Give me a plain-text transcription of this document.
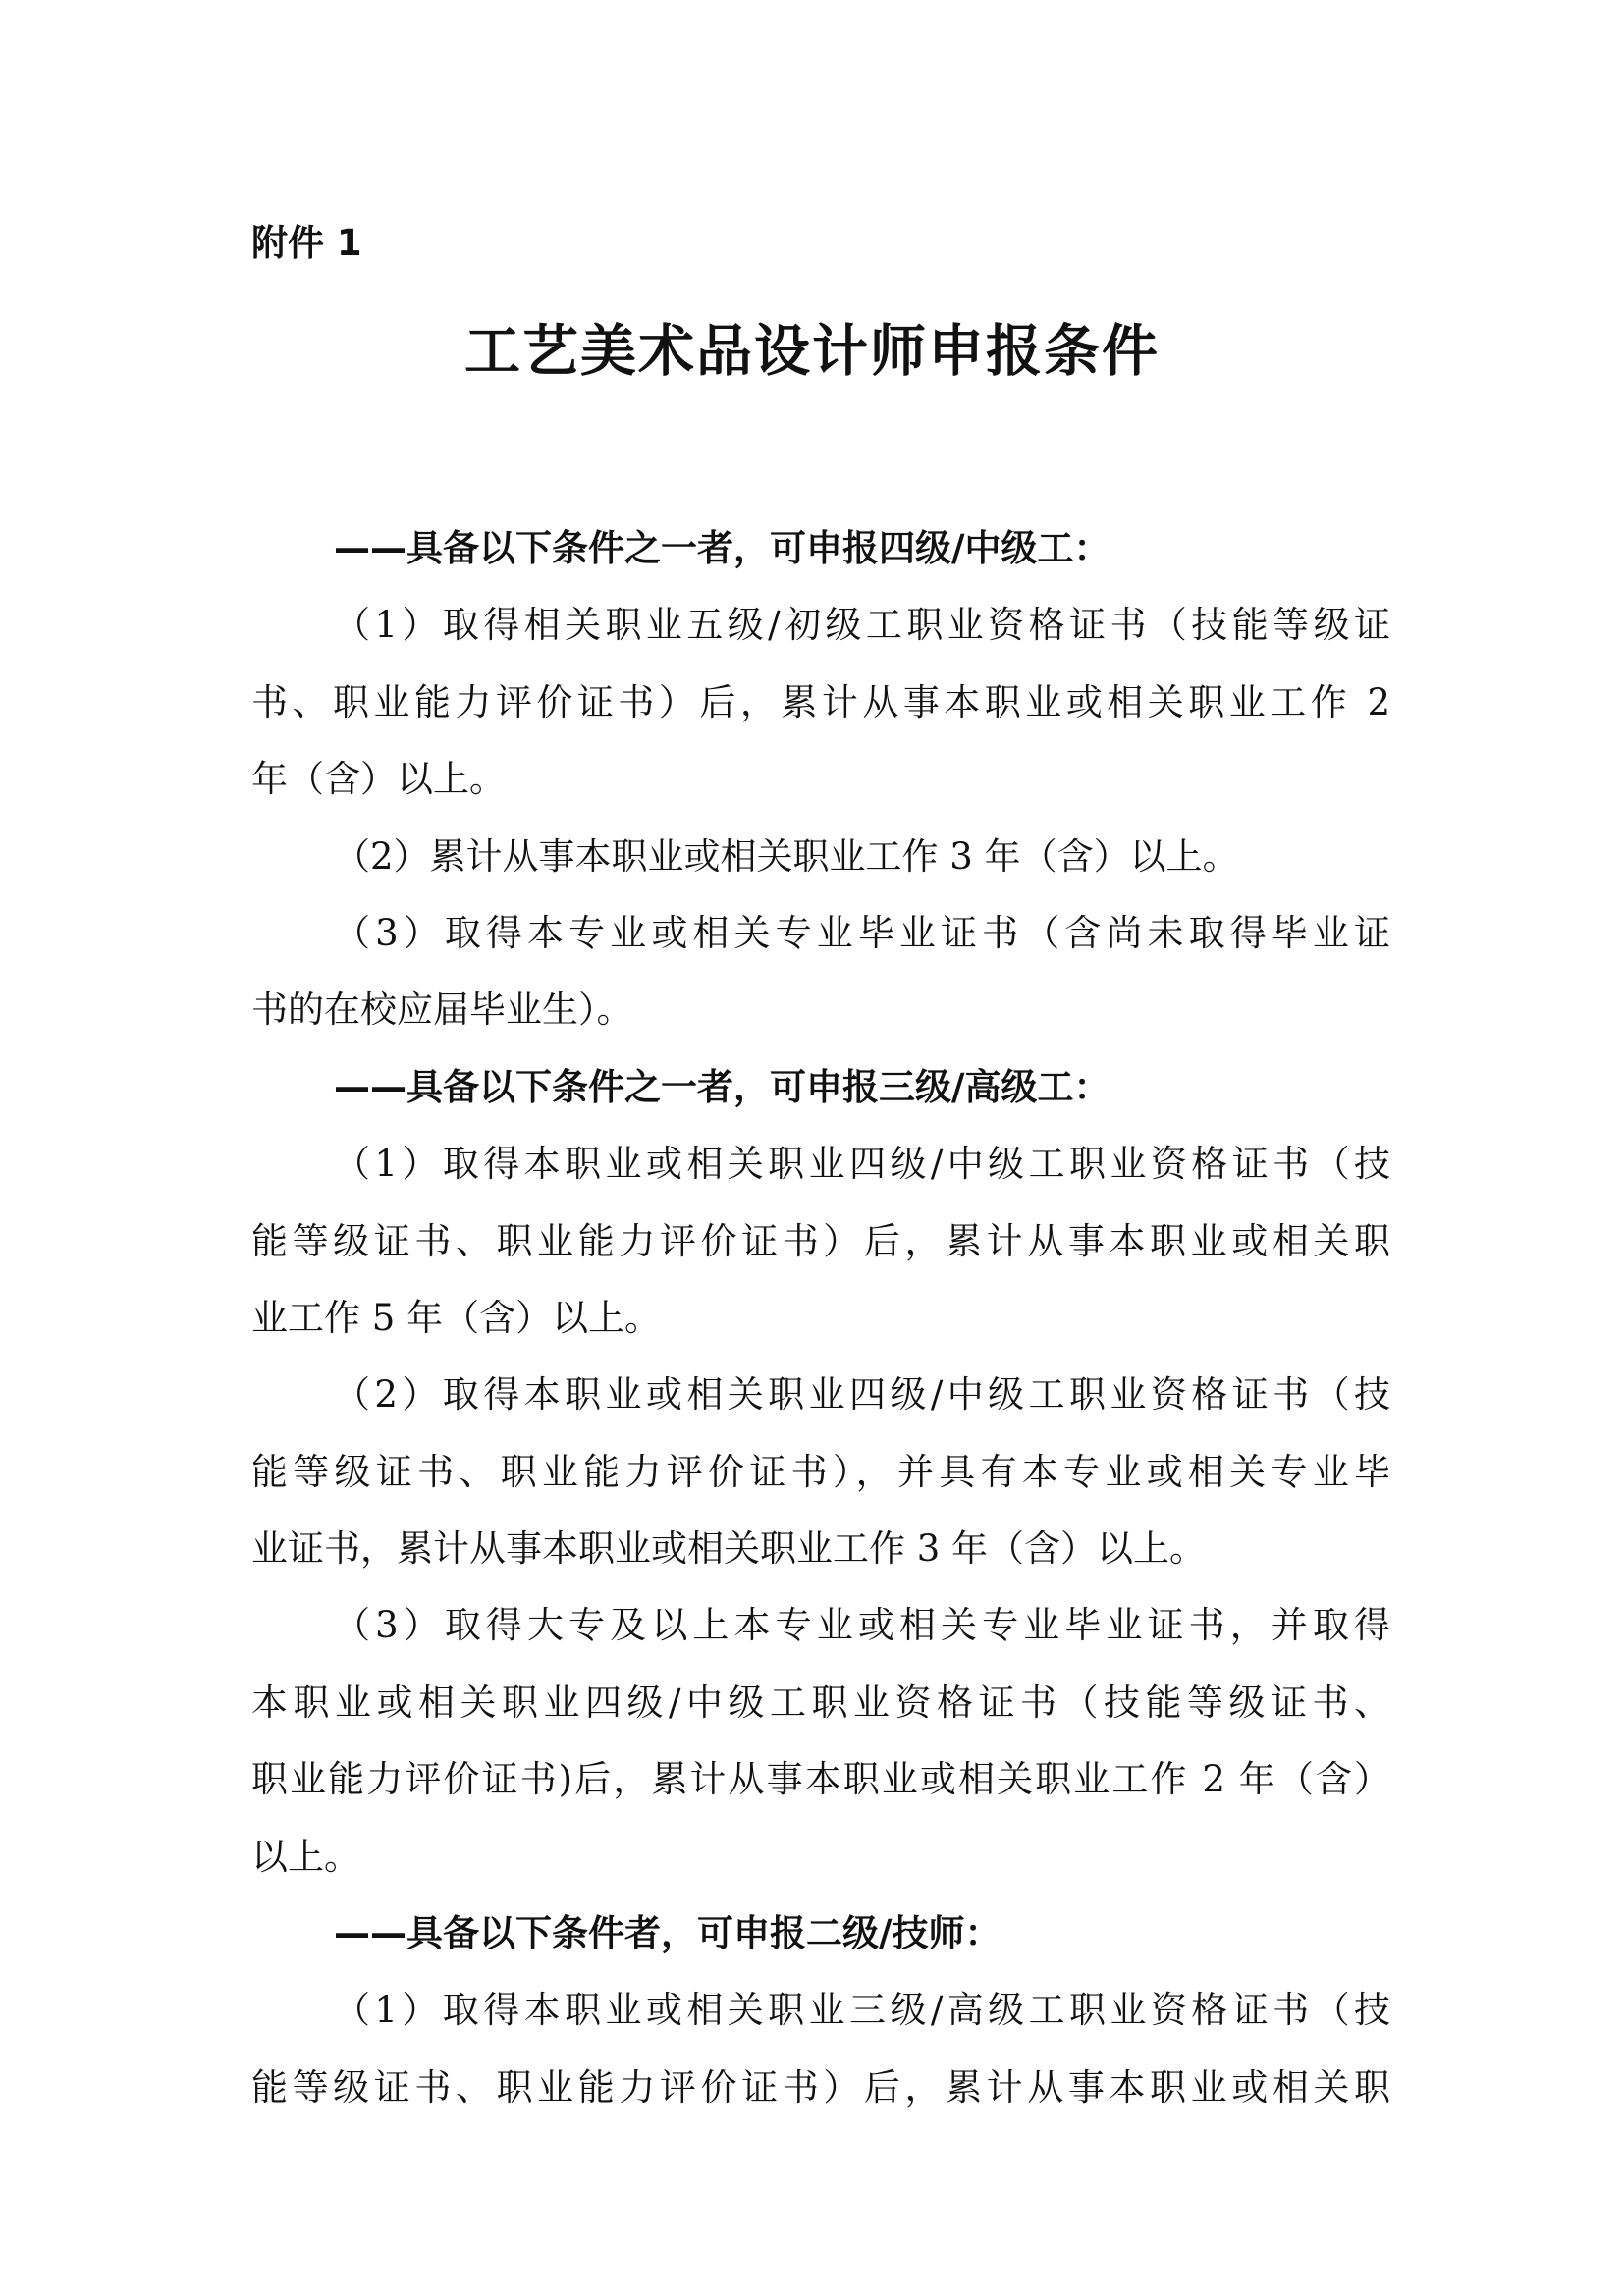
附件 1
工艺美术品设计师申报条件
——具备以下条件之一者，可申报四级/中级工：
（1）取得相关职业五级/初级工职业资格证书（技能等级证
书、职业能力评价证书）后，累计从事本职业或相关职业工作 2
年（含）以上。
（2）累计从事本职业或相关职业工作 3 年（含）以上。
（3）取得本专业或相关专业毕业证书（含尚未取得毕业证
书的在校应届毕业生）。
——具备以下条件之一者，可申报三级/高级工：
（1）取得本职业或相关职业四级/中级工职业资格证书（技
能等级证书、职业能力评价证书）后，累计从事本职业或相关职
业工作 5 年（含）以上。
（2）取得本职业或相关职业四级/中级工职业资格证书（技
能等级证书、职业能力评价证书），并具有本专业或相关专业毕
业证书，累计从事本职业或相关职业工作 3 年（含）以上。
（3）取得大专及以上本专业或相关专业毕业证书，并取得
本职业或相关职业四级/中级工职业资格证书（技能等级证书、
职业能力评价证书)后，累计从事本职业或相关职业工作 2 年（含）
以上。
——具备以下条件者，可申报二级/技师：
（1）取得本职业或相关职业三级/高级工职业资格证书（技
能等级证书、职业能力评价证书）后，累计从事本职业或相关职
